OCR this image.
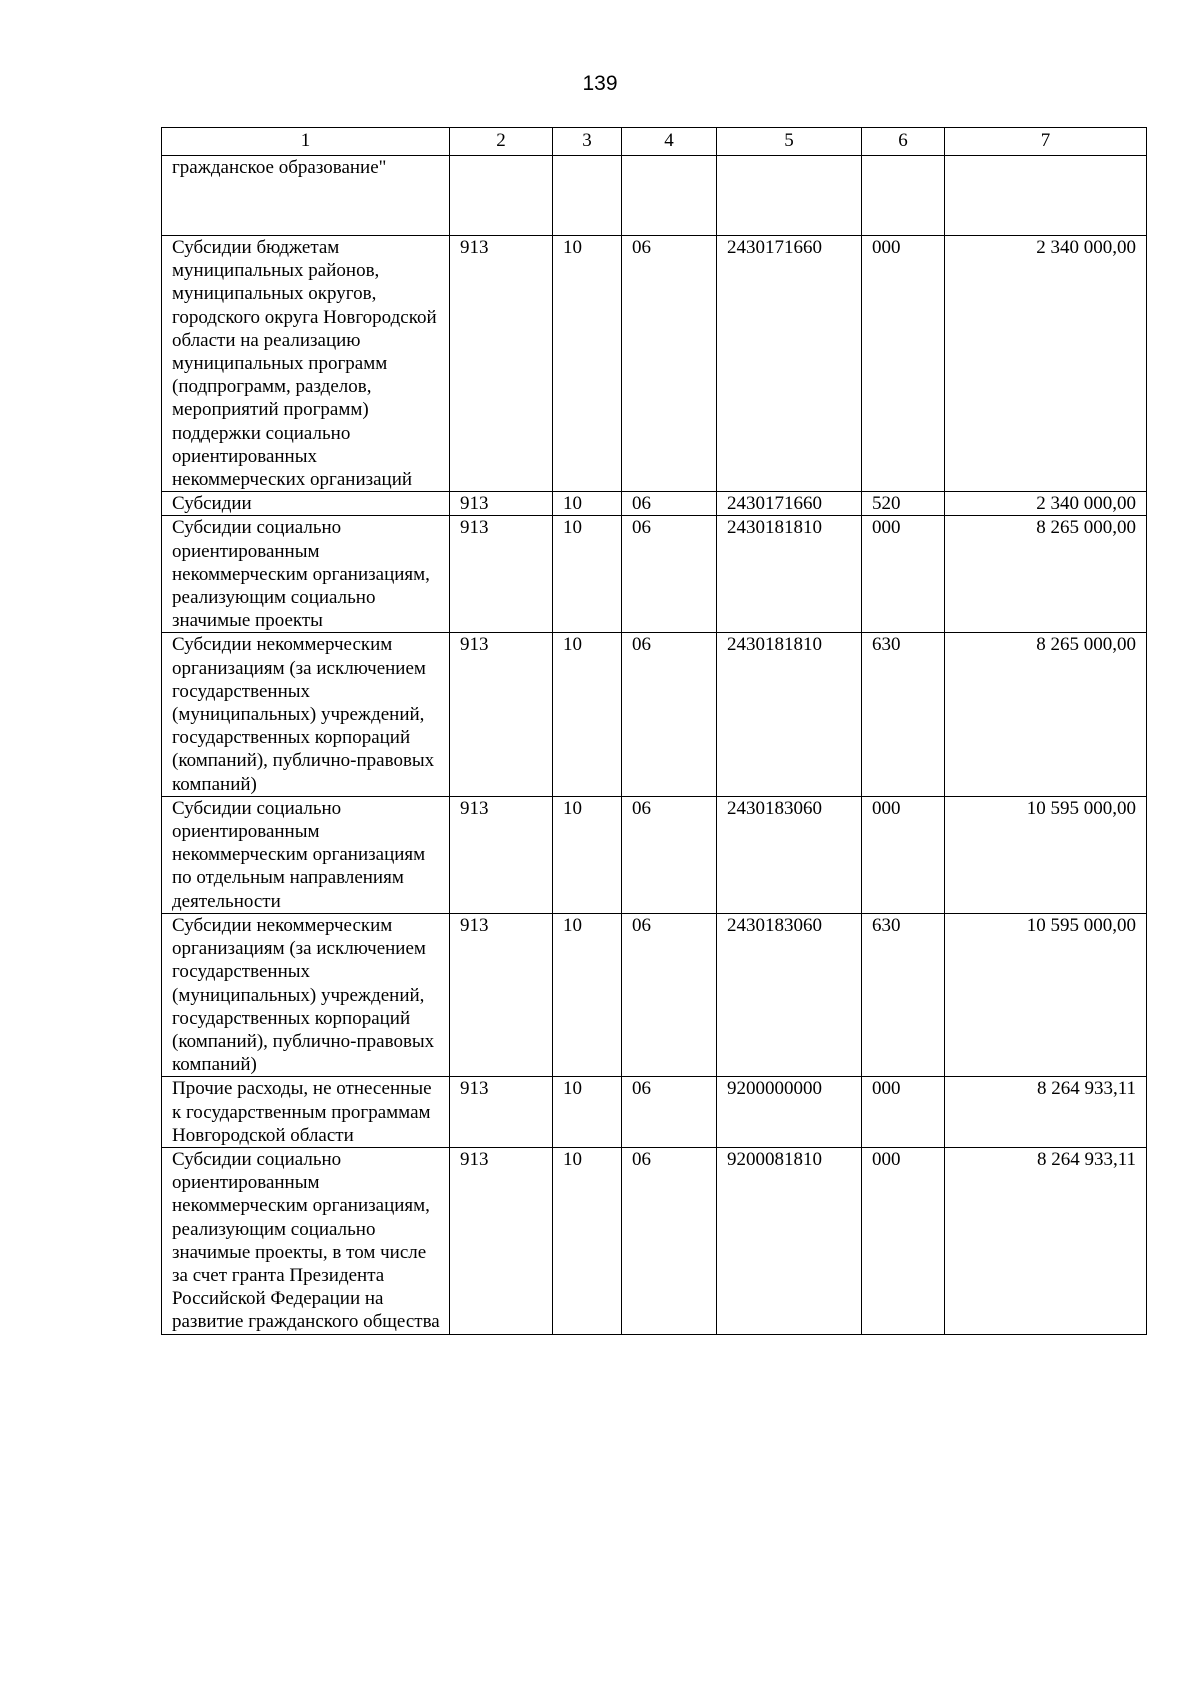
139
1	2	3	4	5	6	7
гражданское образование"						
Субсидии бюджетам муниципальных районов, муниципальных округов, городского округа Новгородской области на реализацию муниципальных программ (подпрограмм, разделов, мероприятий программ) поддержки социально ориентированных некоммерческих организаций	913	10	06	2430171660	000	2 340 000,00
Субсидии	913	10	06	2430171660	520	2 340 000,00
Субсидии социально ориентированным некоммерческим организациям, реализующим социально значимые проекты	913	10	06	2430181810	000	8 265 000,00
Субсидии некоммерческим организациям (за исключением государственных (муниципальных) учреждений, государственных корпораций (компаний), публично-правовых компаний)	913	10	06	2430181810	630	8 265 000,00
Субсидии социально ориентированным некоммерческим организациям по отдельным направлениям деятельности	913	10	06	2430183060	000	10 595 000,00
Субсидии некоммерческим организациям (за исключением государственных (муниципальных) учреждений, государственных корпораций (компаний), публично-правовых компаний)	913	10	06	2430183060	630	10 595 000,00
Прочие расходы, не отнесенные к государственным программам Новгородской области	913	10	06	9200000000	000	8 264 933,11
Субсидии социально ориентированным некоммерческим организациям, реализующим социально значимые проекты, в том числе за счет гранта Президента Российской Федерации на развитие гражданского общества	913	10	06	9200081810	000	8 264 933,11
